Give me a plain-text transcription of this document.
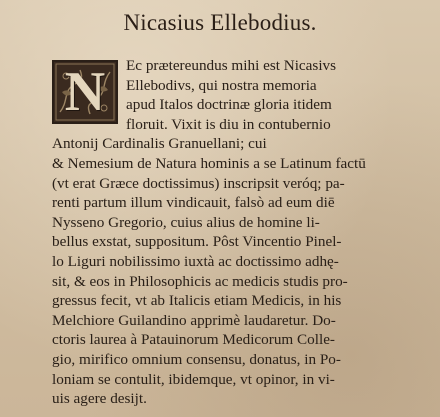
Nicasius Ellebodius.
N	Ec prætereundus mihi est Nicasivs
Ellebodivs, qui nostra memoria
apud Italos doctrinæ gloria itidem
floruit. Vixit is diu in contubernio
Antonij Cardinalis Granuellani; cui
& Nemesium de Natura hominis a se Latinum factū
(vt erat Græce doctissimus) inscripsit veróq; pa-
renti partum illum vindicauit, falsò ad eum diē
Nysseno Gregorio, cuius alius de homine li-
bellus exstat, suppositum. Pôst Vincentio Pinel-
lo Liguri nobilissimo iuxtà ac doctissimo adhę-
sit, & eos in Philosophicis ac medicis studis pro-
gressus fecit, vt ab Italicis etiam Medicis, in his
Melchiore Guilandino apprimè laudaretur. Do-
ctoris laurea à Patauinorum Medicorum Colle-
gio, mirifico omnium consensu, donatus, in Po-
loniam se contulit, ibidemque, vt opinor, in vi-
uis agere desijt.
